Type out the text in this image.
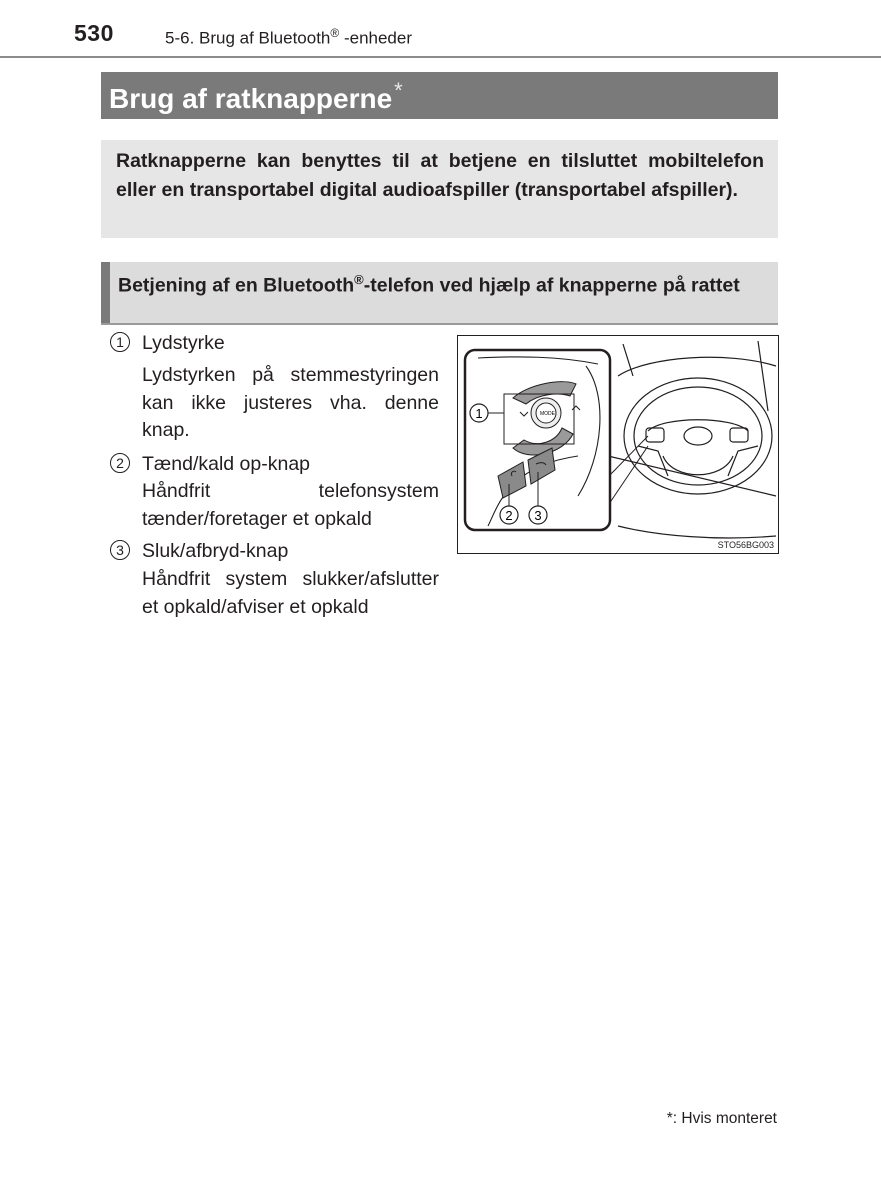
530	5-6. Brug af Bluetooth® -enheder
Brug af ratknapperne*

Ratknapperne kan benyttes til at betjene en tilsluttet mobiltelefon eller en transportabel digital audioafspiller (transportabel afspiller).

Betjening af en Bluetooth®-telefon ved hjælp af knapperne på rattet

1 Lydstyrke

Lydstyrken på stemmestyringen kan ikke justeres vha. denne knap.

2 Tænd/kald op-knap

Håndfrit telefonsystem tænder/foretager et opkald

3 Sluk/afbryd-knap

Håndfrit system slukker/afslutter et opkald/afviser et opkald

MODE
1
2 3
STO56BG003
*: Hvis monteret
